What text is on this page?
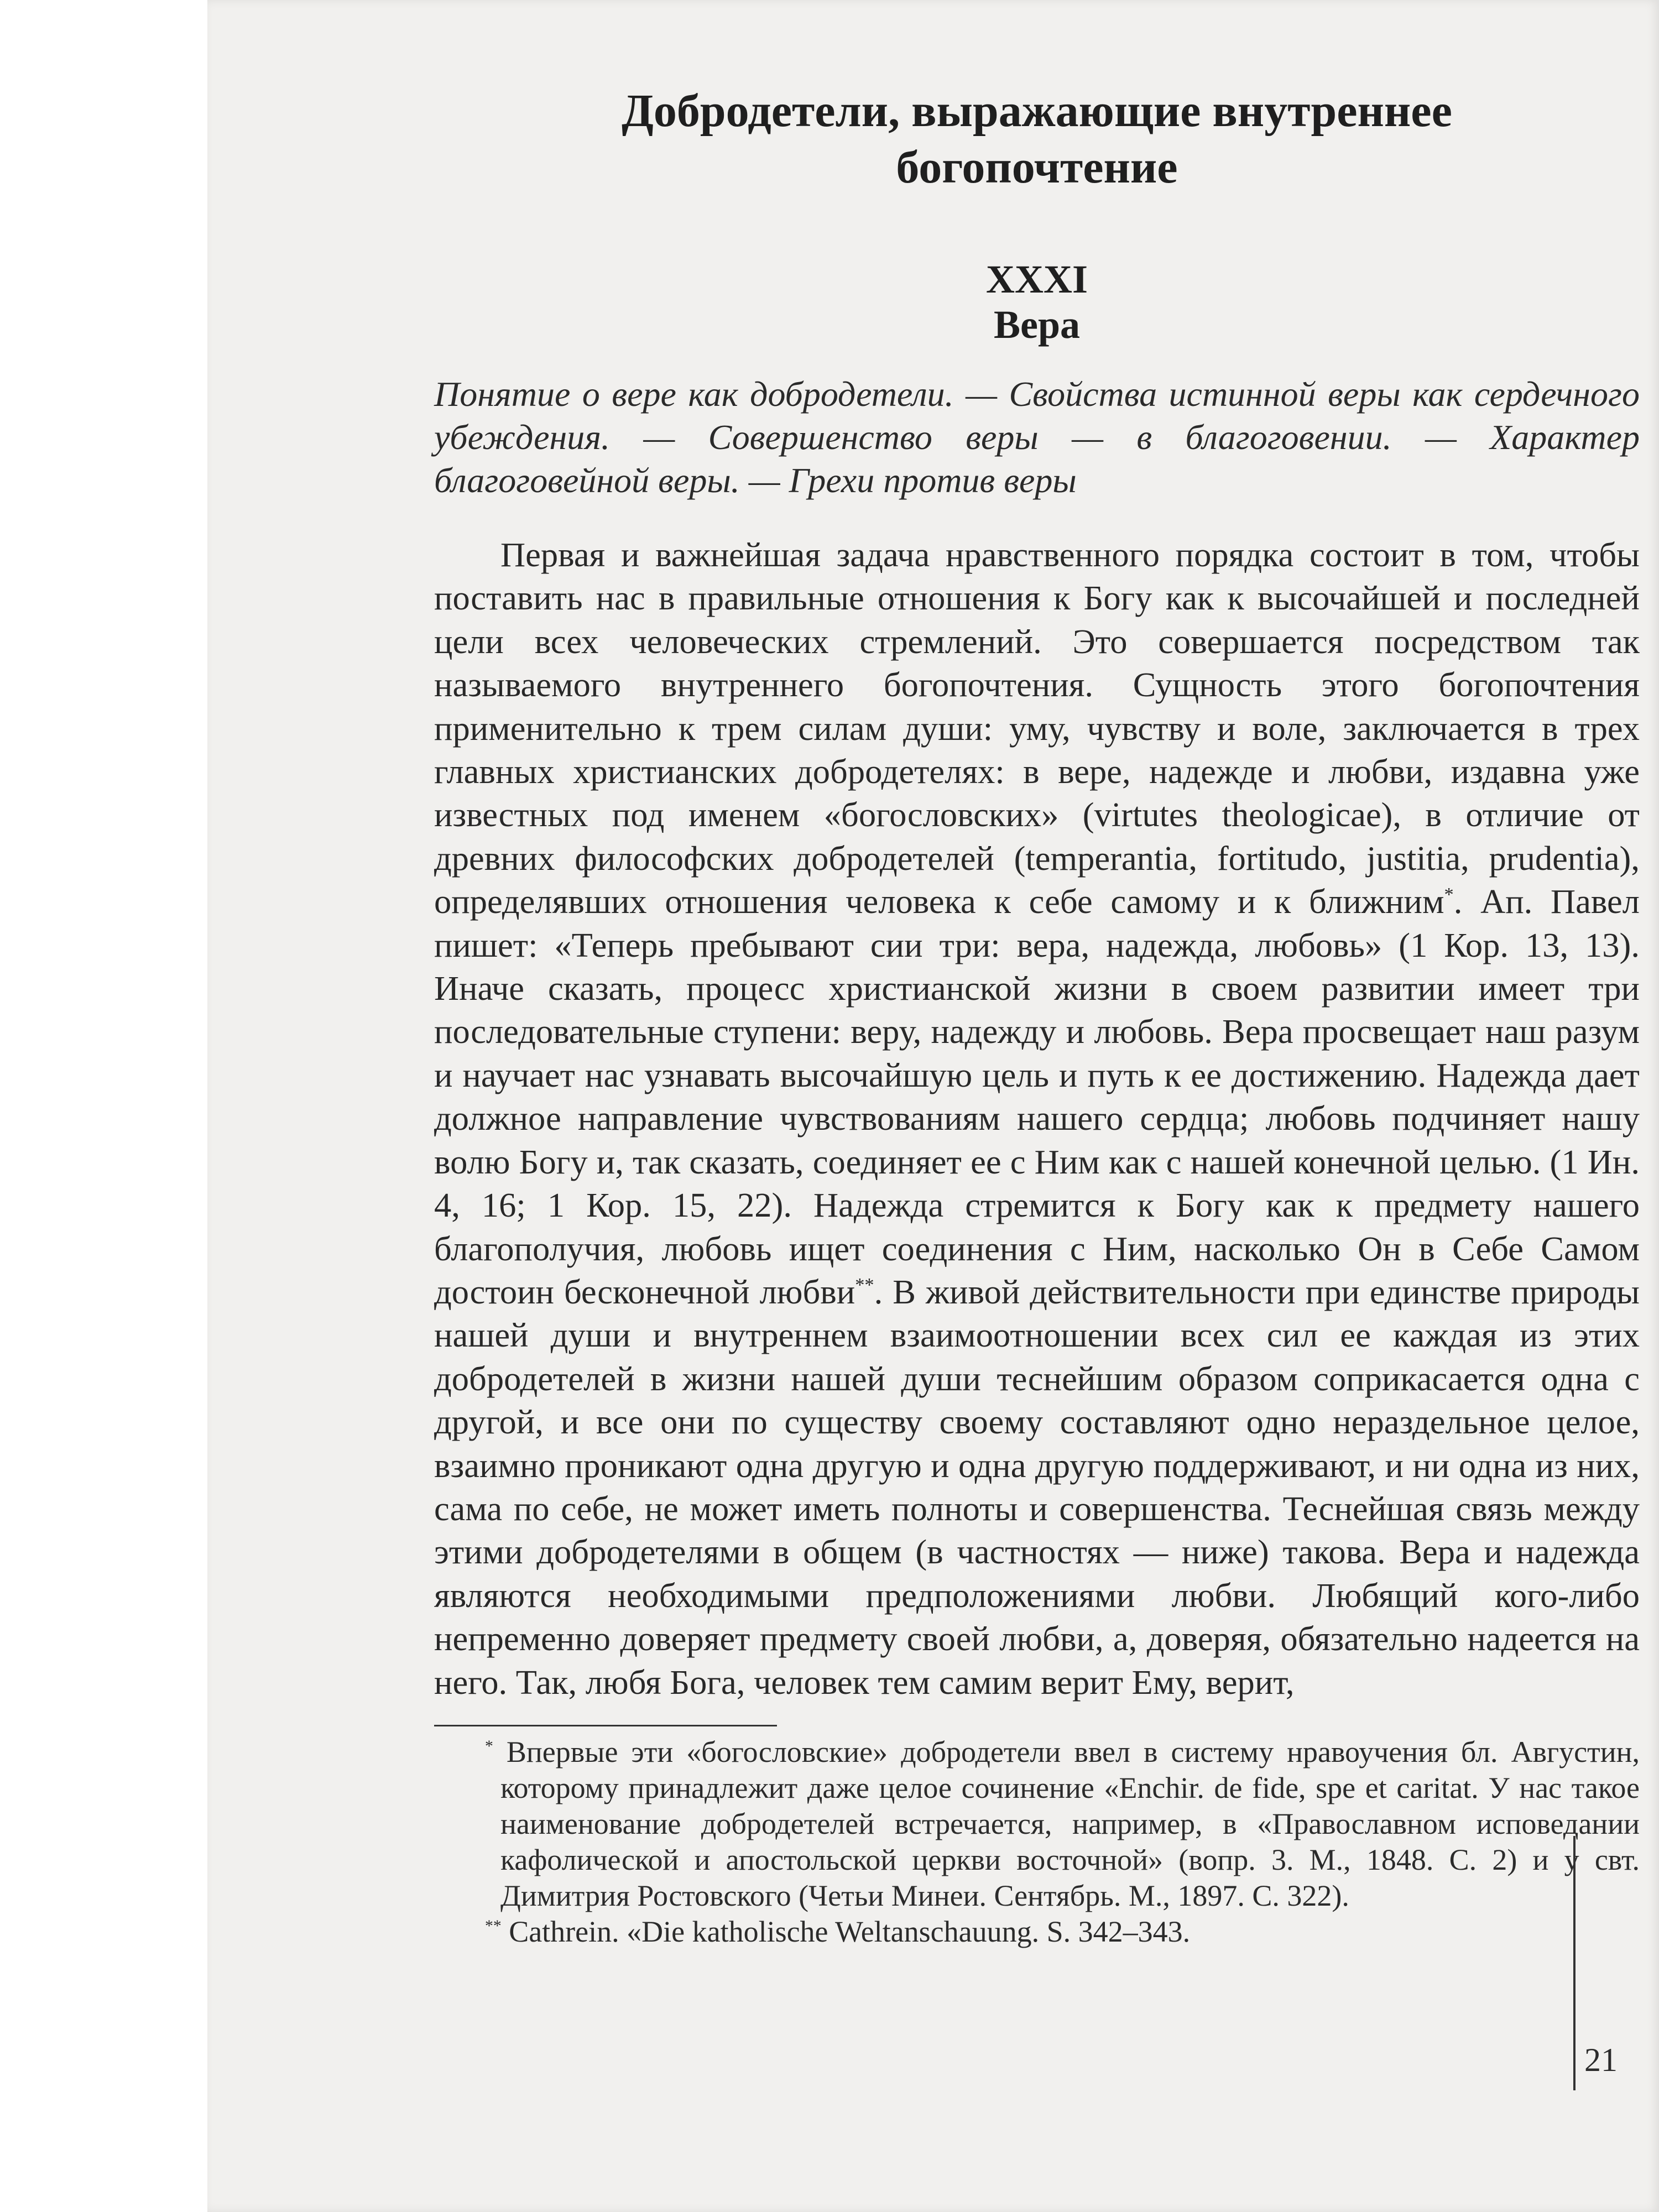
Добродетели, выражающие внутреннее
богопочтение
XXXI
Вера

Понятие о вере как добродетели. — Свойства истинной веры как сердечного убеждения. — Совершенство веры — в благоговении. — Характер благоговейной веры. — Грехи против веры

Первая и важнейшая задача нравственного порядка состоит в том, чтобы поставить нас в правильные отношения к Богу как к высочайшей и последней цели всех человеческих стремлений. Это совершается посредством так называемого внутреннего богопочтения. Сущность этого богопочтения применительно к трем силам души: уму, чувству и воле, заключается в трех главных христианских добродетелях: в вере, надежде и любви, издавна уже известных под именем «богословских» (virtutes theologicae), в отличие от древних философских добродетелей (temperantia, fortitudo, justitia, prudentia), определявших отношения человека к себе самому и к ближним*. Ап. Павел пишет: «Теперь пребывают сии три: вера, надежда, любовь» (1 Кор. 13, 13). Иначе сказать, процесс христианской жизни в своем развитии имеет три последовательные ступени: веру, надежду и любовь. Вера просвещает наш разум и научает нас узнавать высочайшую цель и путь к ее достижению. Надежда дает должное направление чувствованиям нашего сердца; любовь подчиняет нашу волю Богу и, так сказать, соединяет ее с Ним как с нашей конечной целью. (1 Ин. 4, 16; 1 Кор. 15, 22). Надежда стремится к Богу как к предмету нашего благополучия, любовь ищет соединения с Ним, насколько Он в Себе Самом достоин бесконечной любви**. В живой действительности при единстве природы нашей души и внутреннем взаимоотношении всех сил ее каждая из этих добродетелей в жизни нашей души теснейшим образом соприкасается одна с другой, и все они по существу своему составляют одно нераздельное целое, взаимно проникают одна другую и одна другую поддерживают, и ни одна из них, сама по себе, не может иметь полноты и совершенства. Теснейшая связь между этими добродетелями в общем (в частностях — ниже) такова. Вера и надежда являются необходимыми предположениями любви. Любящий кого-либо непременно доверяет предмету своей любви, а, доверяя, обязательно надеется на него. Так, любя Бога, человек тем самим верит Ему, верит,

* Впервые эти «богословские» добродетели ввел в систему нравоучения бл. Августин, которому принадлежит даже целое сочинение «Enchir. de fide, spe et caritat. У нас такое наименование добродетелей встречается, например, в «Православном исповедании кафолической и апостольской церкви восточной» (вопр. 3. М., 1848. С. 2) и у свт. Димитрия Ростовского (Четьи Минеи. Сентябрь. М., 1897. С. 322).

** Cathrein. «Die katholische Weltanschauung. S. 342–343.

21
